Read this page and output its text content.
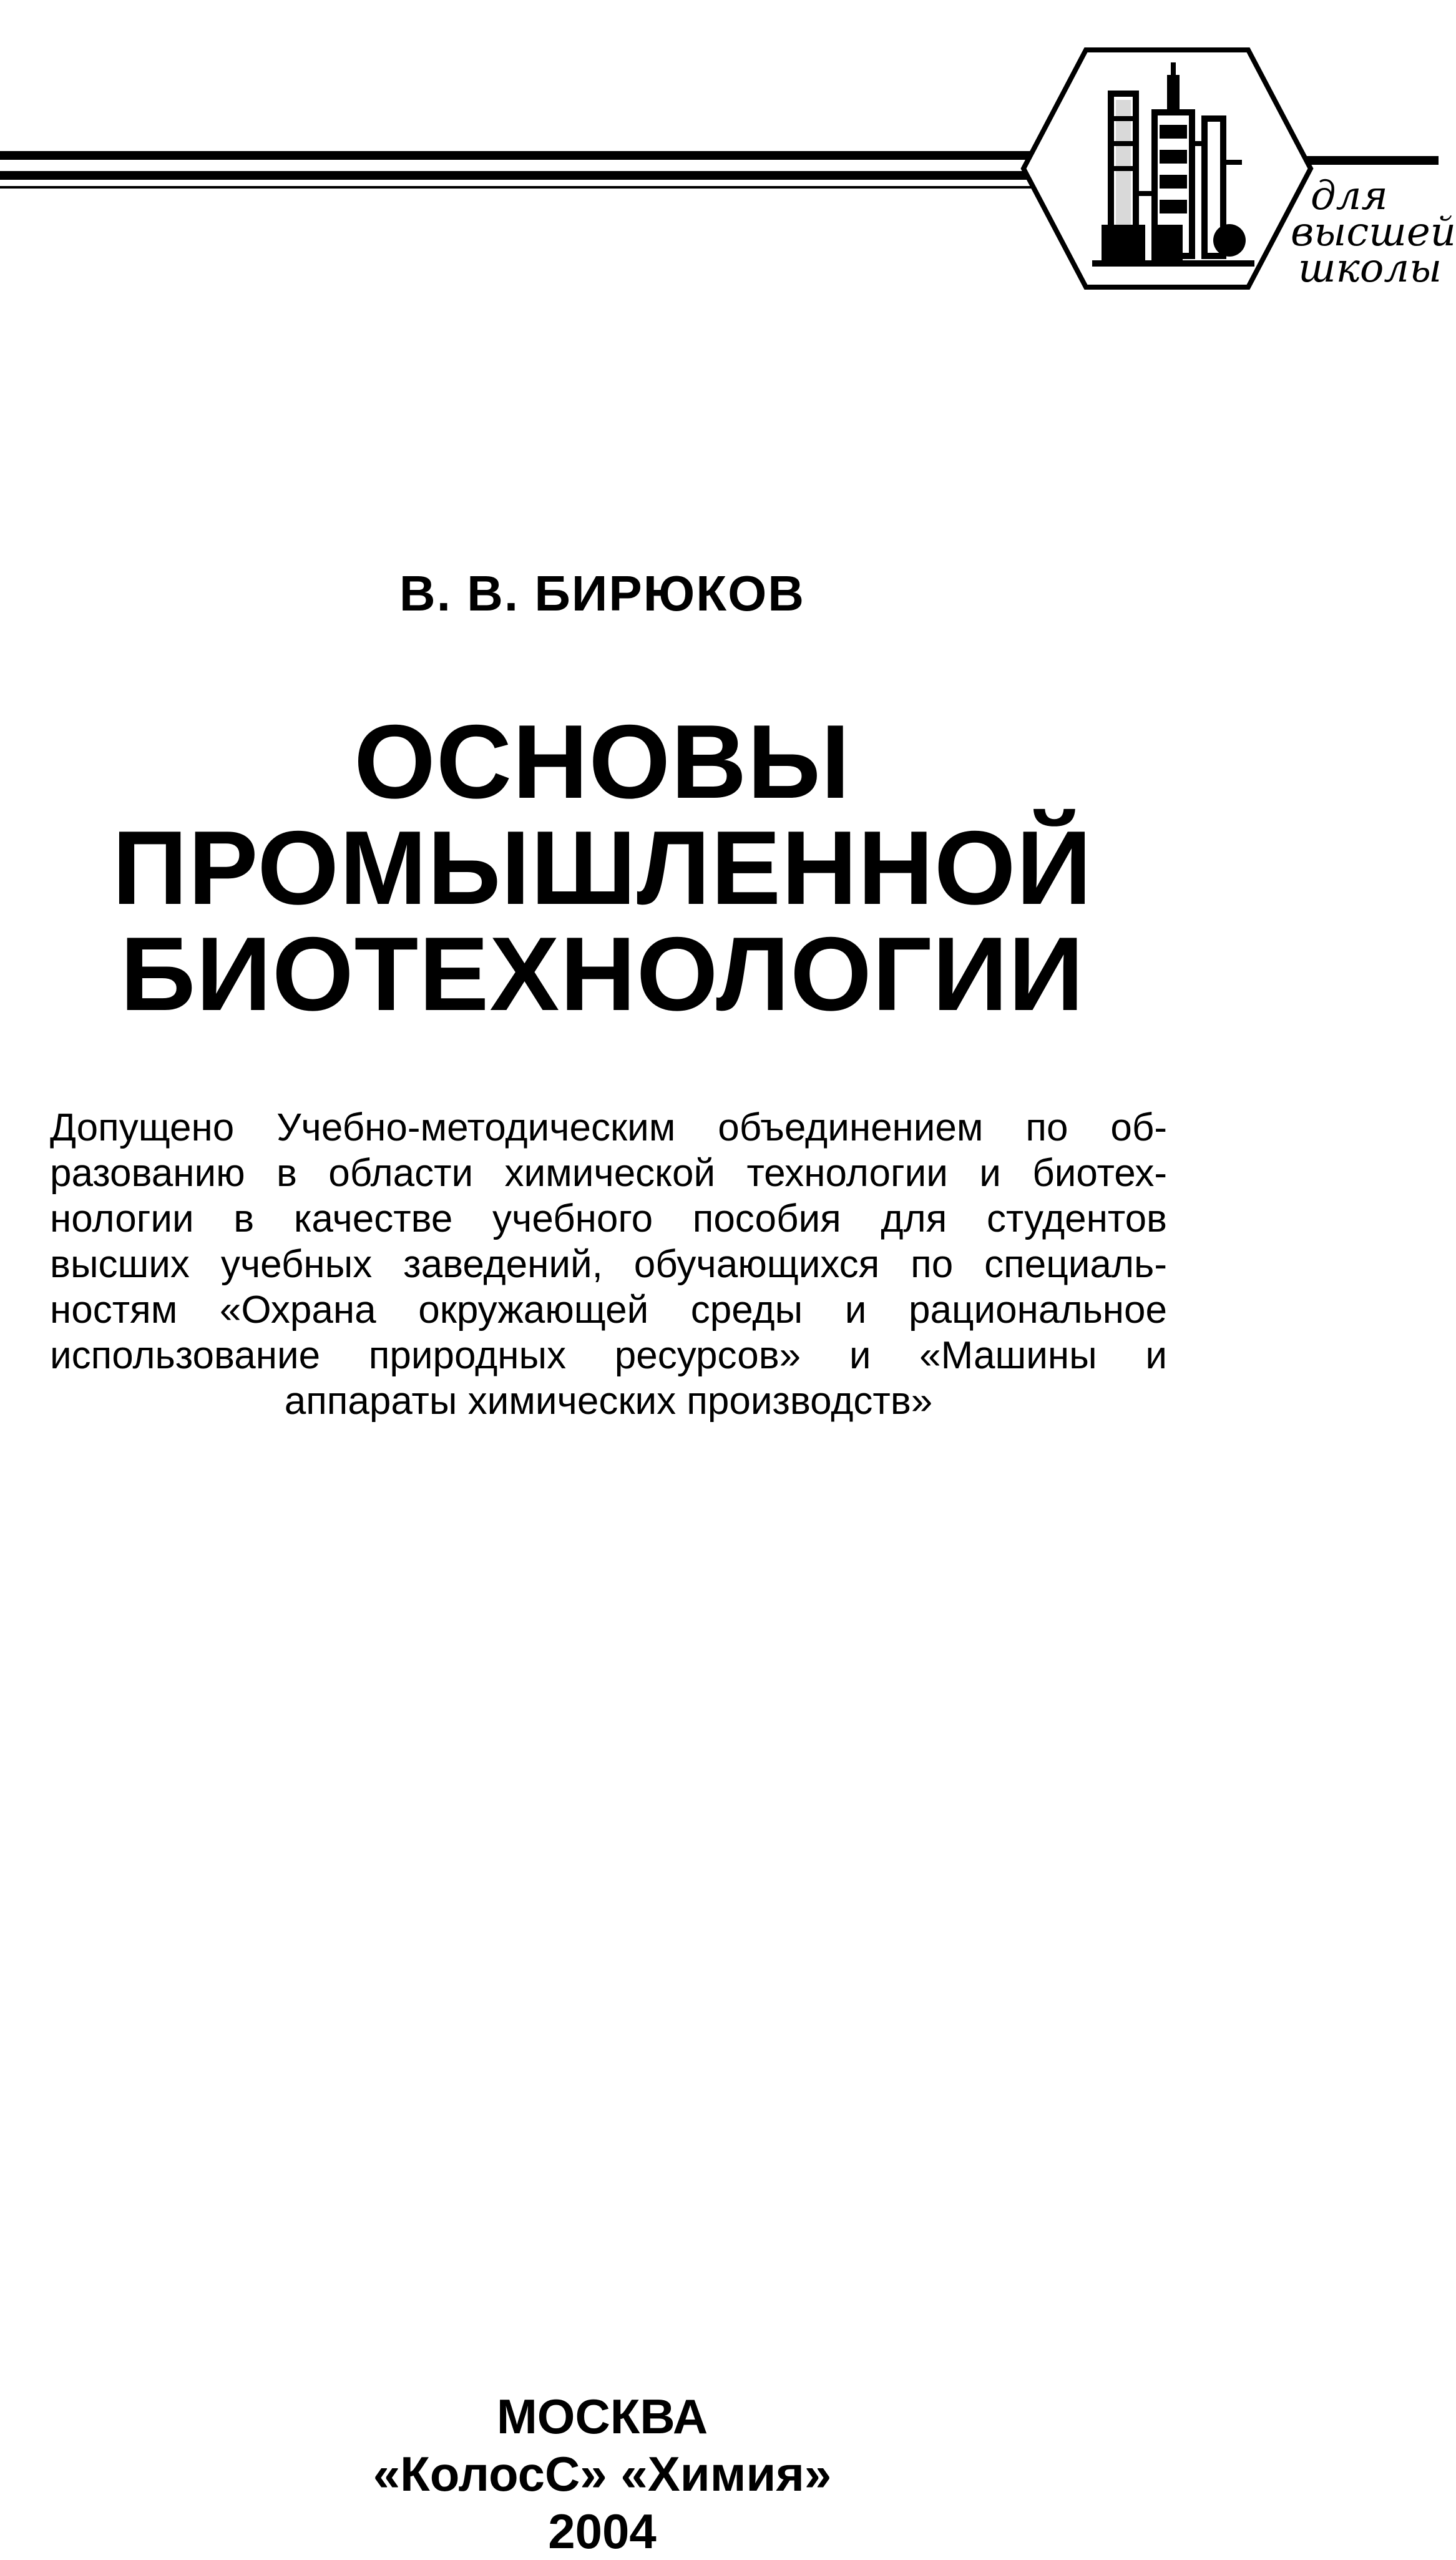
для
высшей
школы
В. В. БИРЮКОВ
ОСНОВЫ
ПРОМЫШЛЕННОЙ
БИОТЕХНОЛОГИИ
Допущено Учебно-методическим объединением по об-
разованию в области химической технологии и биотех-
нологии в качестве учебного пособия для студентов
высших учебных заведений, обучающихся по специаль-
ностям «Охрана окружающей среды и рациональное
использование природных ресурсов» и «Машины и
аппараты химических производств»
МОСКВА
«КолосС» «Химия»
2004
